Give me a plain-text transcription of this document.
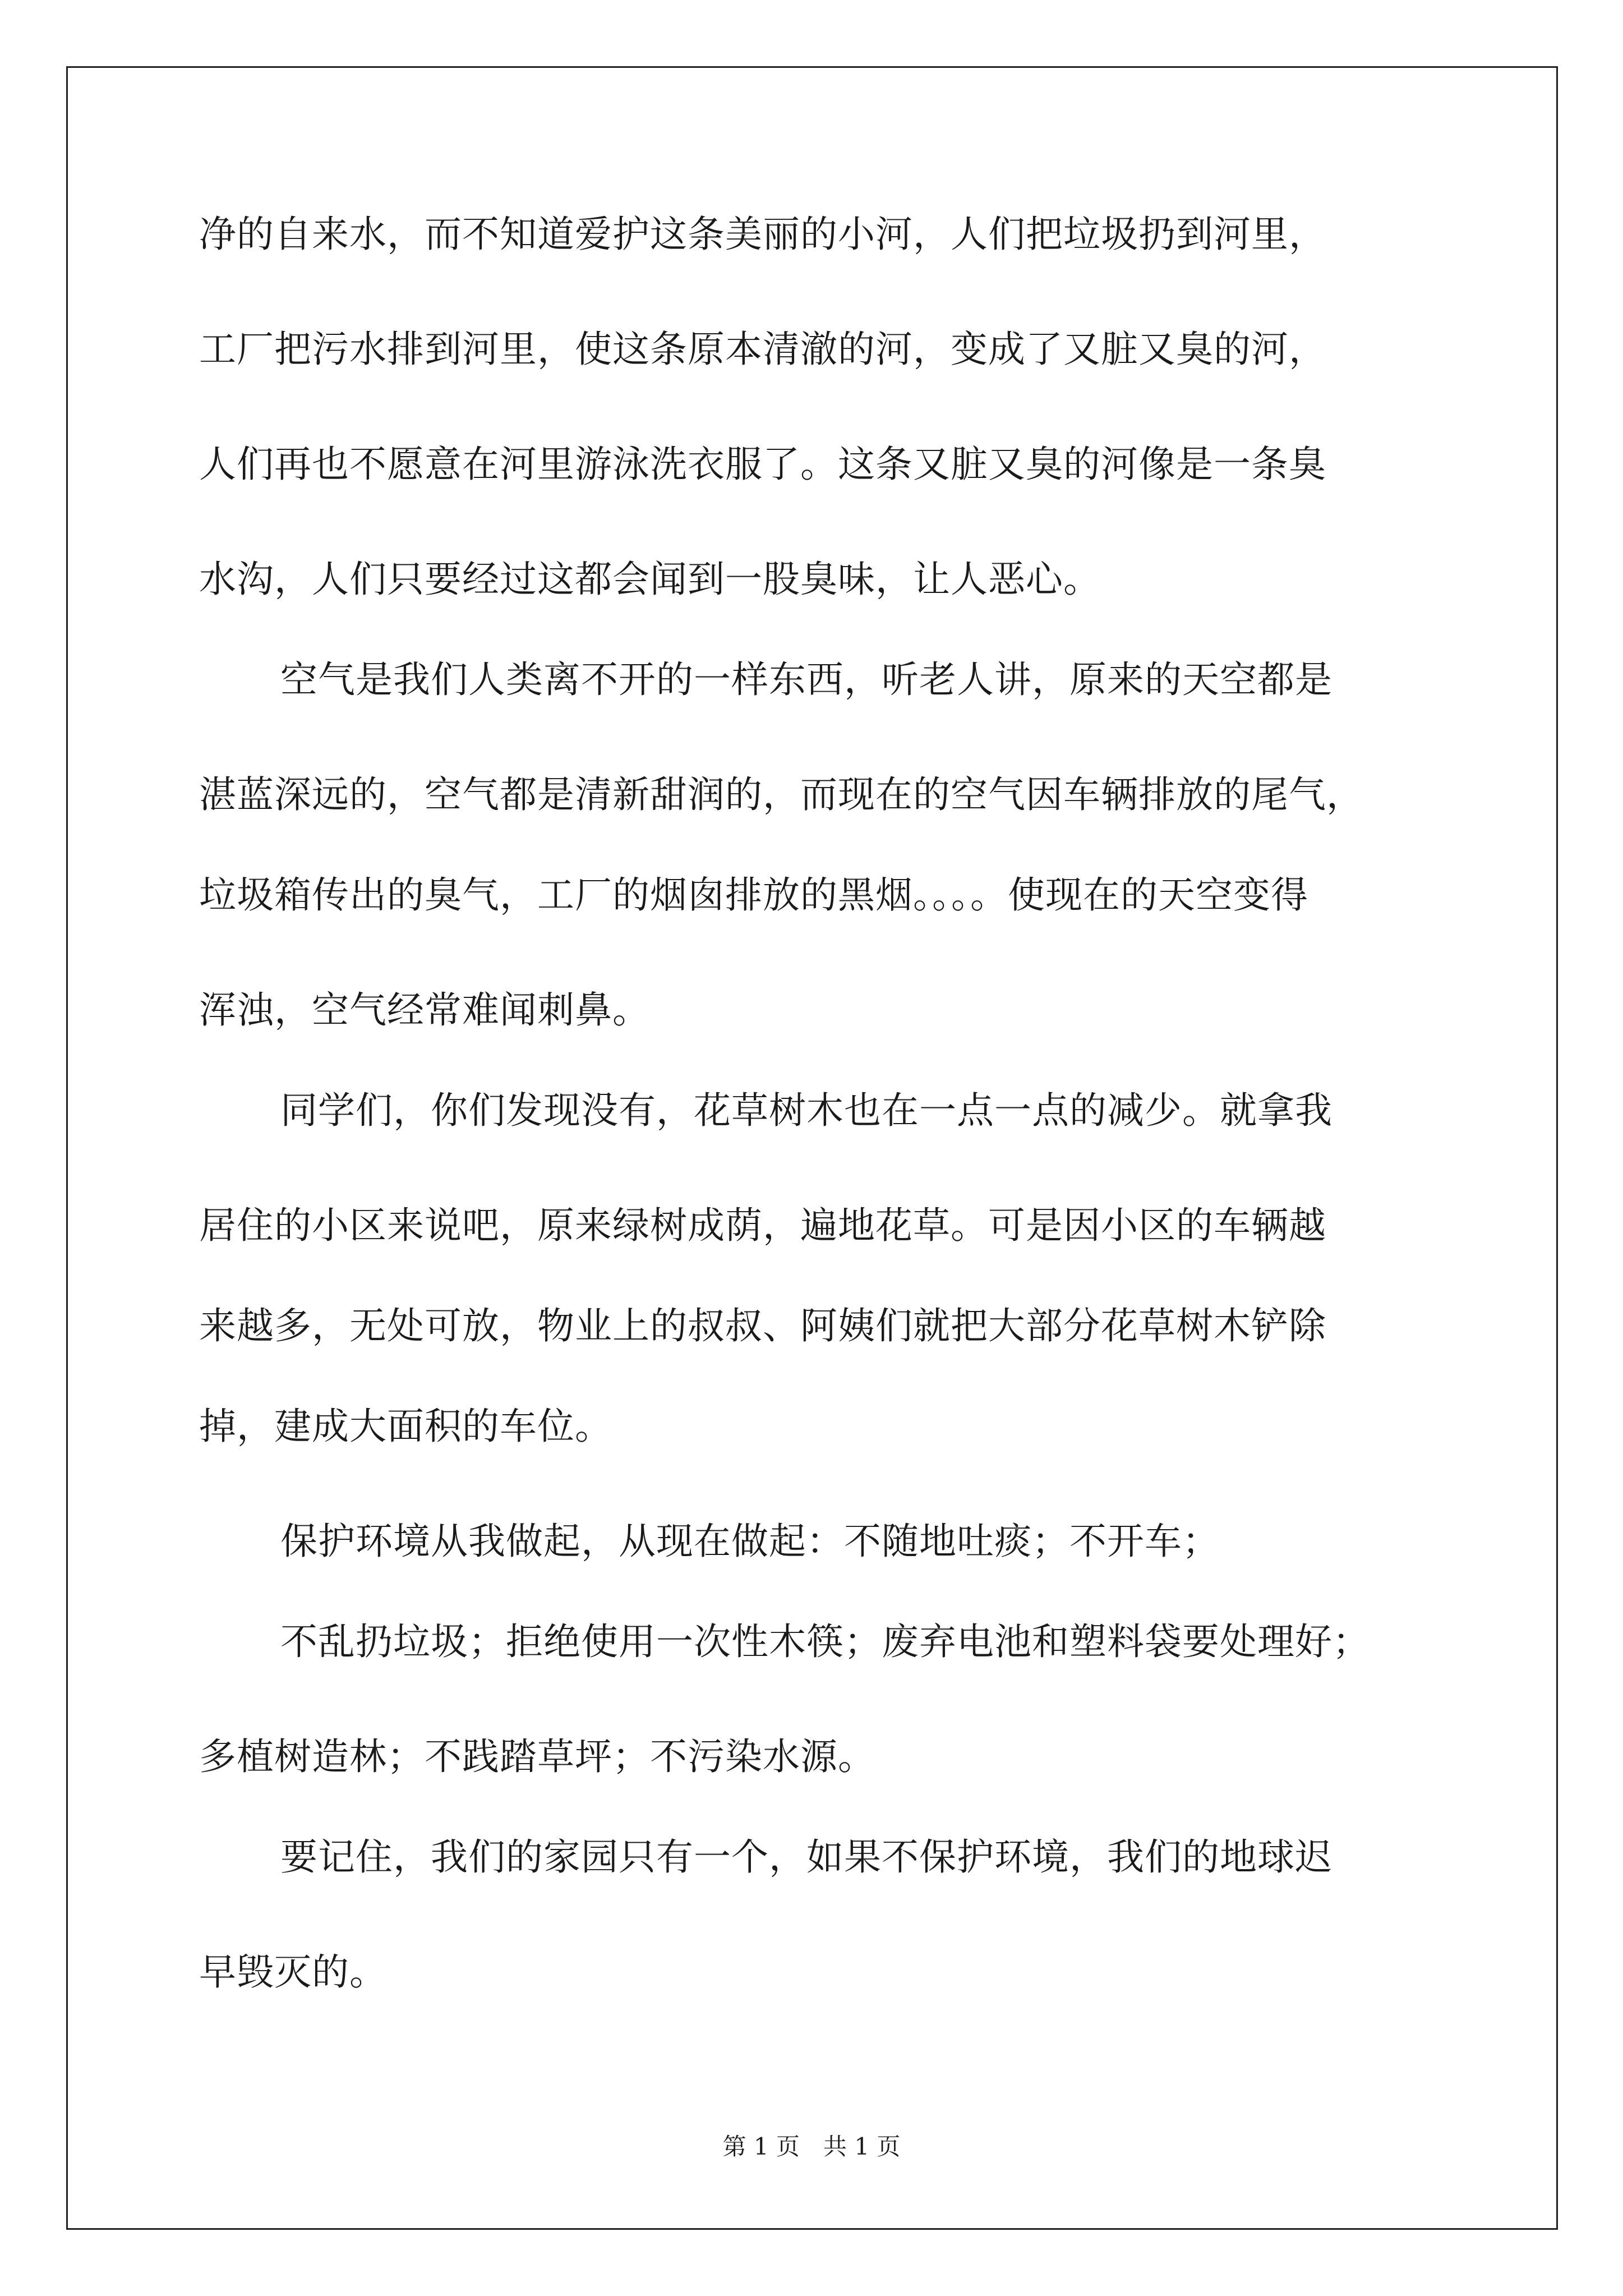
净的自来水，而不知道爱护这条美丽的小河，人们把垃圾扔到河里，
工厂把污水排到河里，使这条原本清澈的河，变成了又脏又臭的河，
人们再也不愿意在河里游泳洗衣服了。这条又脏又臭的河像是一条臭
水沟，人们只要经过这都会闻到一股臭味，让人恶心。
空气是我们人类离不开的一样东西，听老人讲，原来的天空都是
湛蓝深远的，空气都是清新甜润的，而现在的空气因车辆排放的尾气，
垃圾箱传出的臭气，工厂的烟囱排放的黑烟。。。。使现在的天空变得
浑浊，空气经常难闻刺鼻。
同学们，你们发现没有，花草树木也在一点一点的减少。就拿我
居住的小区来说吧，原来绿树成荫，遍地花草。可是因小区的车辆越
来越多，无处可放，物业上的叔叔、阿姨们就把大部分花草树木铲除
掉，建成大面积的车位。
保护环境从我做起，从现在做起：不随地吐痰；不开车；
不乱扔垃圾；拒绝使用一次性木筷；废弃电池和塑料袋要处理好；
多植树造林；不践踏草坪；不污染水源。
要记住，我们的家园只有一个，如果不保护环境，我们的地球迟
早毁灭的。
第 1 页　共 1 页
